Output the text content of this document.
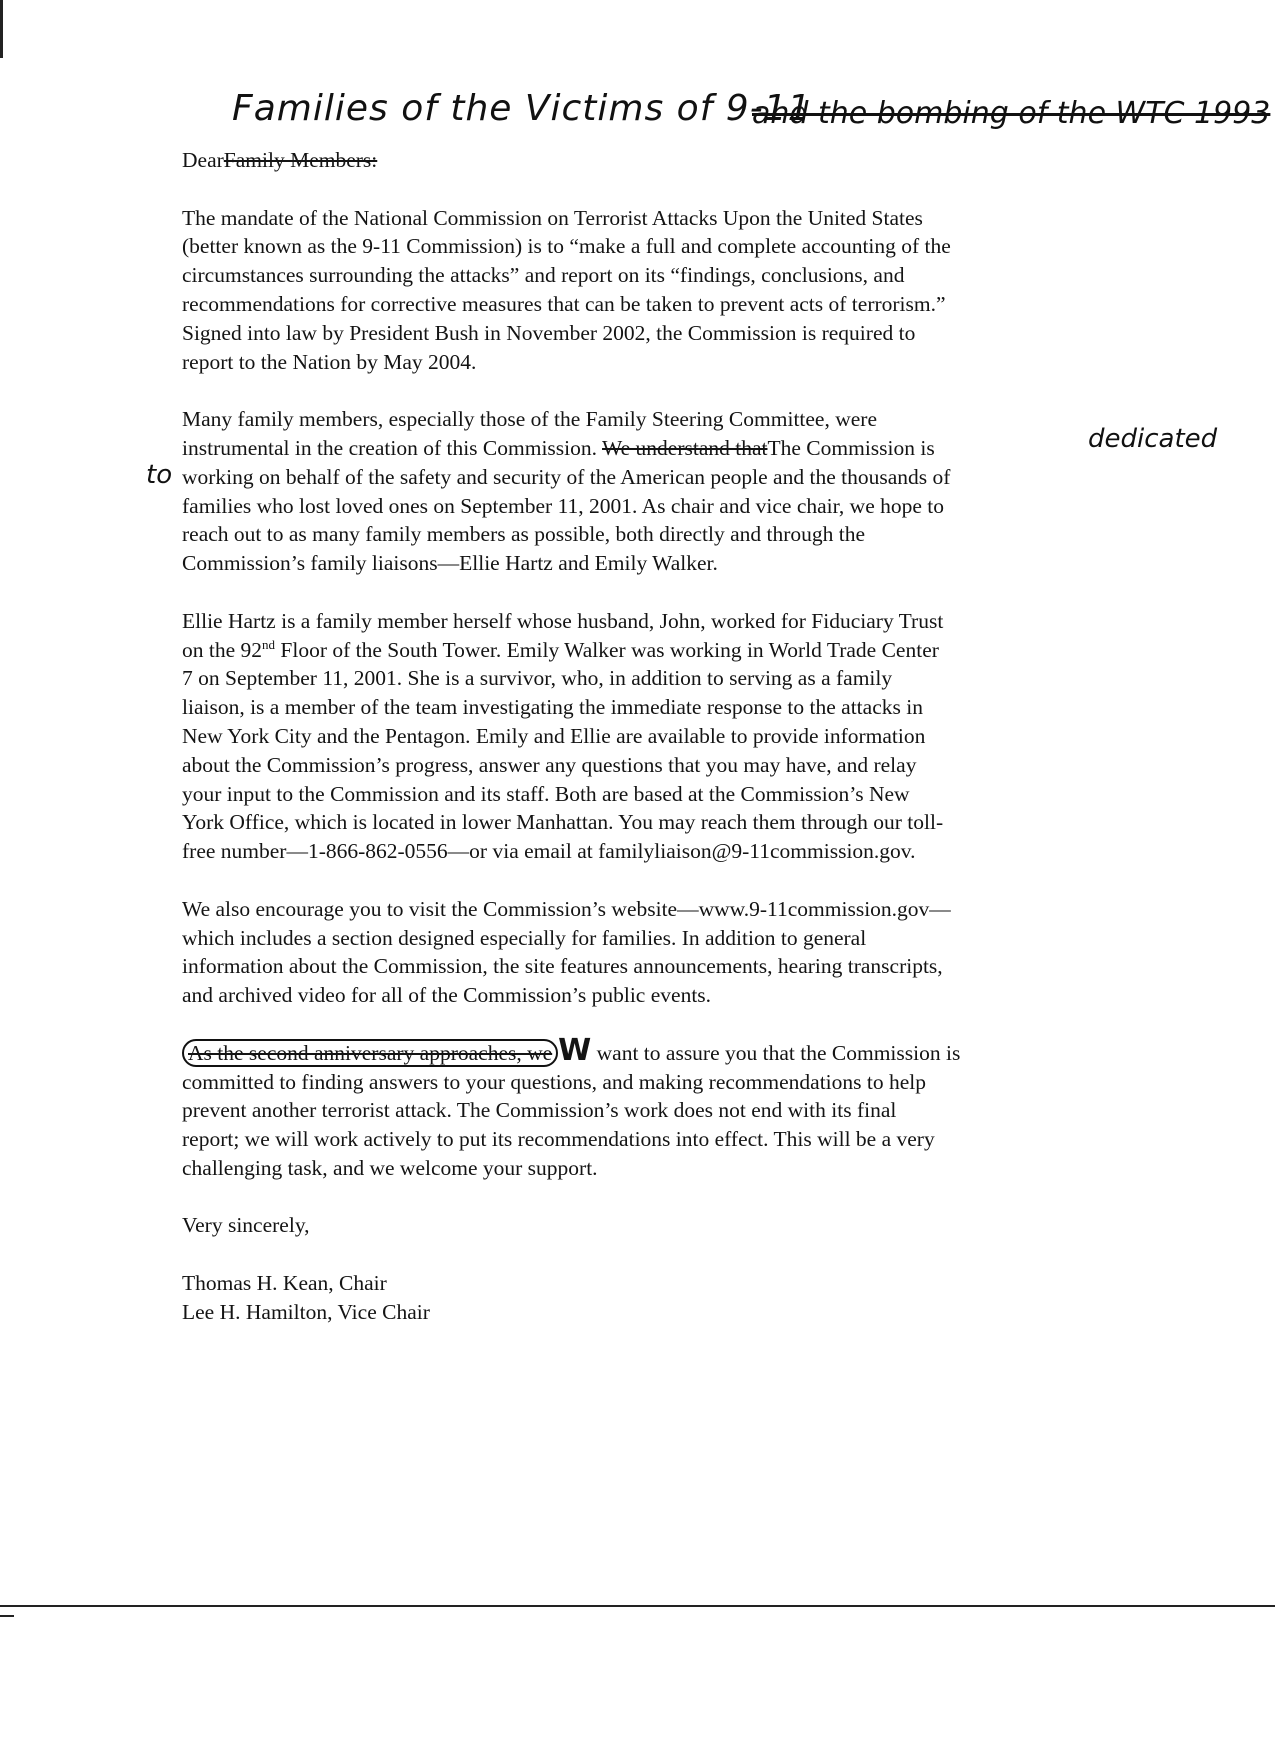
Families of the Victims of 9-11
and the bombing of the WTC 1993
dedicated
to
DearFamily Members:
The mandate of the National Commission on Terrorist Attacks Upon the United States
(better known as the 9-11 Commission) is to “make a full and complete accounting of the
circumstances surrounding the attacks” and report on its “findings, conclusions, and
recommendations for corrective measures that can be taken to prevent acts of terrorism.”
Signed into law by President Bush in November 2002, the Commission is required to
report to the Nation by May 2004.
Many family members, especially those of the Family Steering Committee, were
instrumental in the creation of this Commission. We understand thatThe Commission is
working on behalf of the safety and security of the American people and the thousands of
families who lost loved ones on September 11, 2001. As chair and vice chair, we hope to
reach out to as many family members as possible, both directly and through the
Commission’s family liaisons—Ellie Hartz and Emily Walker.
Ellie Hartz is a family member herself whose husband, John, worked for Fiduciary Trust
on the 92nd Floor of the South Tower. Emily Walker was working in World Trade Center
7 on September 11, 2001. She is a survivor, who, in addition to serving as a family
liaison, is a member of the team investigating the immediate response to the attacks in
New York City and the Pentagon. Emily and Ellie are available to provide information
about the Commission’s progress, answer any questions that you may have, and relay
your input to the Commission and its staff. Both are based at the Commission’s New
York Office, which is located in lower Manhattan. You may reach them through our toll-
free number—1-866-862-0556—or via email at familyliaison@9-11commission.gov.
We also encourage you to visit the Commission’s website—www.9-11commission.gov—
which includes a section designed especially for families. In addition to general
information about the Commission, the site features announcements, hearing transcripts,
and archived video for all of the Commission’s public events.
As the second anniversary approaches, we W want to assure you that the Commission is
committed to finding answers to your questions, and making recommendations to help
prevent another terrorist attack. The Commission’s work does not end with its final
report; we will work actively to put its recommendations into effect. This will be a very
challenging task, and we welcome your support.
Very sincerely,
Thomas H. Kean, Chair
Lee H. Hamilton, Vice Chair
